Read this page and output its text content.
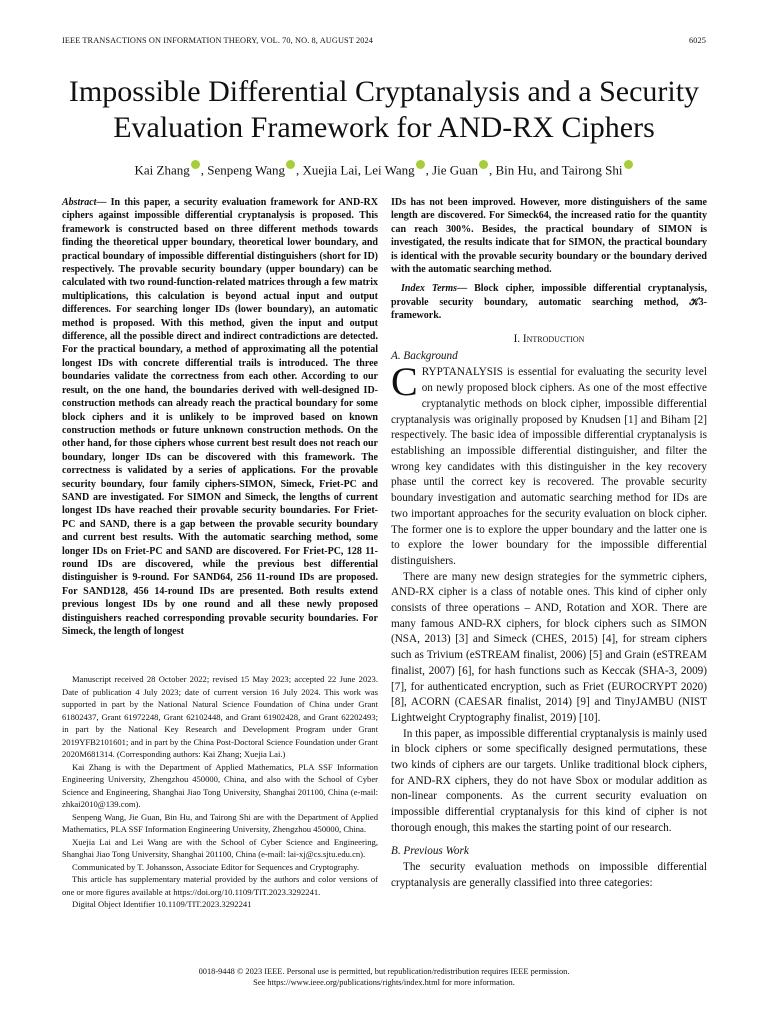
IEEE TRANSACTIONS ON INFORMATION THEORY, VOL. 70, NO. 8, AUGUST 2024	6025
Impossible Differential Cryptanalysis and a Security
Evaluation Framework for AND-RX Ciphers
Kai Zhang , Senpeng Wang , Xuejia Lai, Lei Wang , Jie Guan , Bin Hu, and Tairong Shi

Abstract— In this paper, a security evaluation framework for AND-RX ciphers against impossible differential cryptanalysis is proposed. This framework is constructed based on three different methods towards finding the theoretical upper boundary, theoretical lower boundary, and practical boundary of impossible differential distinguishers (short for ID) respectively. The provable security boundary (upper boundary) can be calculated with two round-function-related matrices through a few matrix multiplications, this calculation is beyond actual input and output differences. For searching longer IDs (lower boundary), an automatic method is proposed. With this method, given the input and output difference, all the possible direct and indirect contradictions are detected. For the practical boundary, a method of approximating all the potential longest IDs with concrete differential trails is introduced. The three boundaries validate the correctness from each other. According to our result, on the one hand, the boundaries derived with well-designed ID-construction methods can already reach the practical boundary for some block ciphers and it is unlikely to be improved based on known construction methods or future unknown construction methods. On the other hand, for those ciphers whose current best result does not reach our boundary, longer IDs can be discovered with this framework. The correctness is validated by a series of applications. For the provable security boundary, four family ciphers-SIMON, Simeck, Friet-PC and SAND are investigated. For SIMON and Simeck, the lengths of current longest IDs have reached their provable security boundaries. For Friet-PC and SAND, there is a gap between the provable security boundary and current best results. With the automatic searching method, some longer IDs on Friet-PC and SAND are discovered. For Friet-PC, 128 11-round IDs are discovered, while the previous best differential distinguisher is 9-round. For SAND64, 256 11-round IDs are proposed. For SAND128, 456 14-round IDs are presented. Both results extend previous longest IDs by one round and all these newly proposed distinguishers reached corresponding provable security boundaries. For Simeck, the length of longest

Manuscript received 28 October 2022; revised 15 May 2023; accepted 22 June 2023. Date of publication 4 July 2023; date of current version 16 July 2024. This work was supported in part by the National Natural Science Foundation of China under Grant 61802437, Grant 61972248, Grant 62102448, and Grant 61902428, and Grant 62202493; in part by the National Key Research and Development Program under Grant 2019YFB2101601; and in part by the China Post-Doctoral Science Foundation under Grant 2020M681314. (Corresponding authors: Kai Zhang; Xuejia Lai.)

Kai Zhang is with the Department of Applied Mathematics, PLA SSF Information Engineering University, Zhengzhou 450000, China, and also with the School of Cyber Science and Engineering, Shanghai Jiao Tong University, Shanghai 201100, China (e-mail: zhkai2010@139.com).

Senpeng Wang, Jie Guan, Bin Hu, and Tairong Shi are with the Department of Applied Mathematics, PLA SSF Information Engineering University, Zhengzhou 450000, China.

Xuejia Lai and Lei Wang are with the School of Cyber Science and Engineering, Shanghai Jiao Tong University, Shanghai 201100, China (e-mail: lai-xj@cs.sjtu.edu.cn).

Communicated by T. Johansson, Associate Editor for Sequences and Cryptography.

This article has supplementary material provided by the authors and color versions of one or more figures available at https://doi.org/10.1109/TIT.2023.3292241.

Digital Object Identifier 10.1109/TIT.2023.3292241

IDs has not been improved. However, more distinguishers of the same length are discovered. For Simeck64, the increased ratio for the quantity can reach 300%. Besides, the practical boundary of SIMON is investigated, the results indicate that for SIMON, the practical boundary is identical with the provable security boundary or the boundary derived with the automatic searching method.

Index Terms— Block cipher, impossible differential cryptanalysis, provable security boundary, automatic searching method, 𝒦3-framework.

I. Introduction
A. Background

CRYPTANALYSIS is essential for evaluating the security level on newly proposed block ciphers. As one of the most effective cryptanalytic methods on block cipher, impossible differential cryptanalysis was originally proposed by Knudsen [1] and Biham [2] respectively. The basic idea of impossible differential cryptanalysis is establishing an impossible differential distinguisher, and filter the wrong key candidates with this distinguisher in the key recovery phase until the correct key is recovered. The provable security boundary investigation and automatic searching method for IDs are two important approaches for the security evaluation on block cipher. The former one is to explore the upper boundary and the latter one is to explore the lower boundary for the impossible differential distinguishers.

There are many new design strategies for the symmetric ciphers, AND-RX cipher is a class of notable ones. This kind of cipher only consists of three operations – AND, Rotation and XOR. There are many famous AND-RX ciphers, for block ciphers such as SIMON (NSA, 2013) [3] and Simeck (CHES, 2015) [4], for stream ciphers such as Trivium (eSTREAM finalist, 2006) [5] and Grain (eSTREAM finalist, 2007) [6], for hash functions such as Keccak (SHA-3, 2009) [7], for authenticated encryption, such as Friet (EUROCRYPT 2020) [8], ACORN (CAESAR finalist, 2014) [9] and TinyJAMBU (NIST Lightweight Cryptography finalist, 2019) [10].

In this paper, as impossible differential cryptanalysis is mainly used in block ciphers or some specifically designed permutations, these two kinds of ciphers are our targets. Unlike traditional block ciphers, for AND-RX ciphers, they do not have Sbox or modular addition as non-linear components. As the current security evaluation on impossible differential cryptanalysis for this kind of cipher is not thorough enough, this makes the starting point of our research.

B. Previous Work

The security evaluation methods on impossible differential cryptanalysis are generally classified into three categories:

0018-9448 © 2023 IEEE. Personal use is permitted, but republication/redistribution requires IEEE permission.
See https://www.ieee.org/publications/rights/index.html for more information.
